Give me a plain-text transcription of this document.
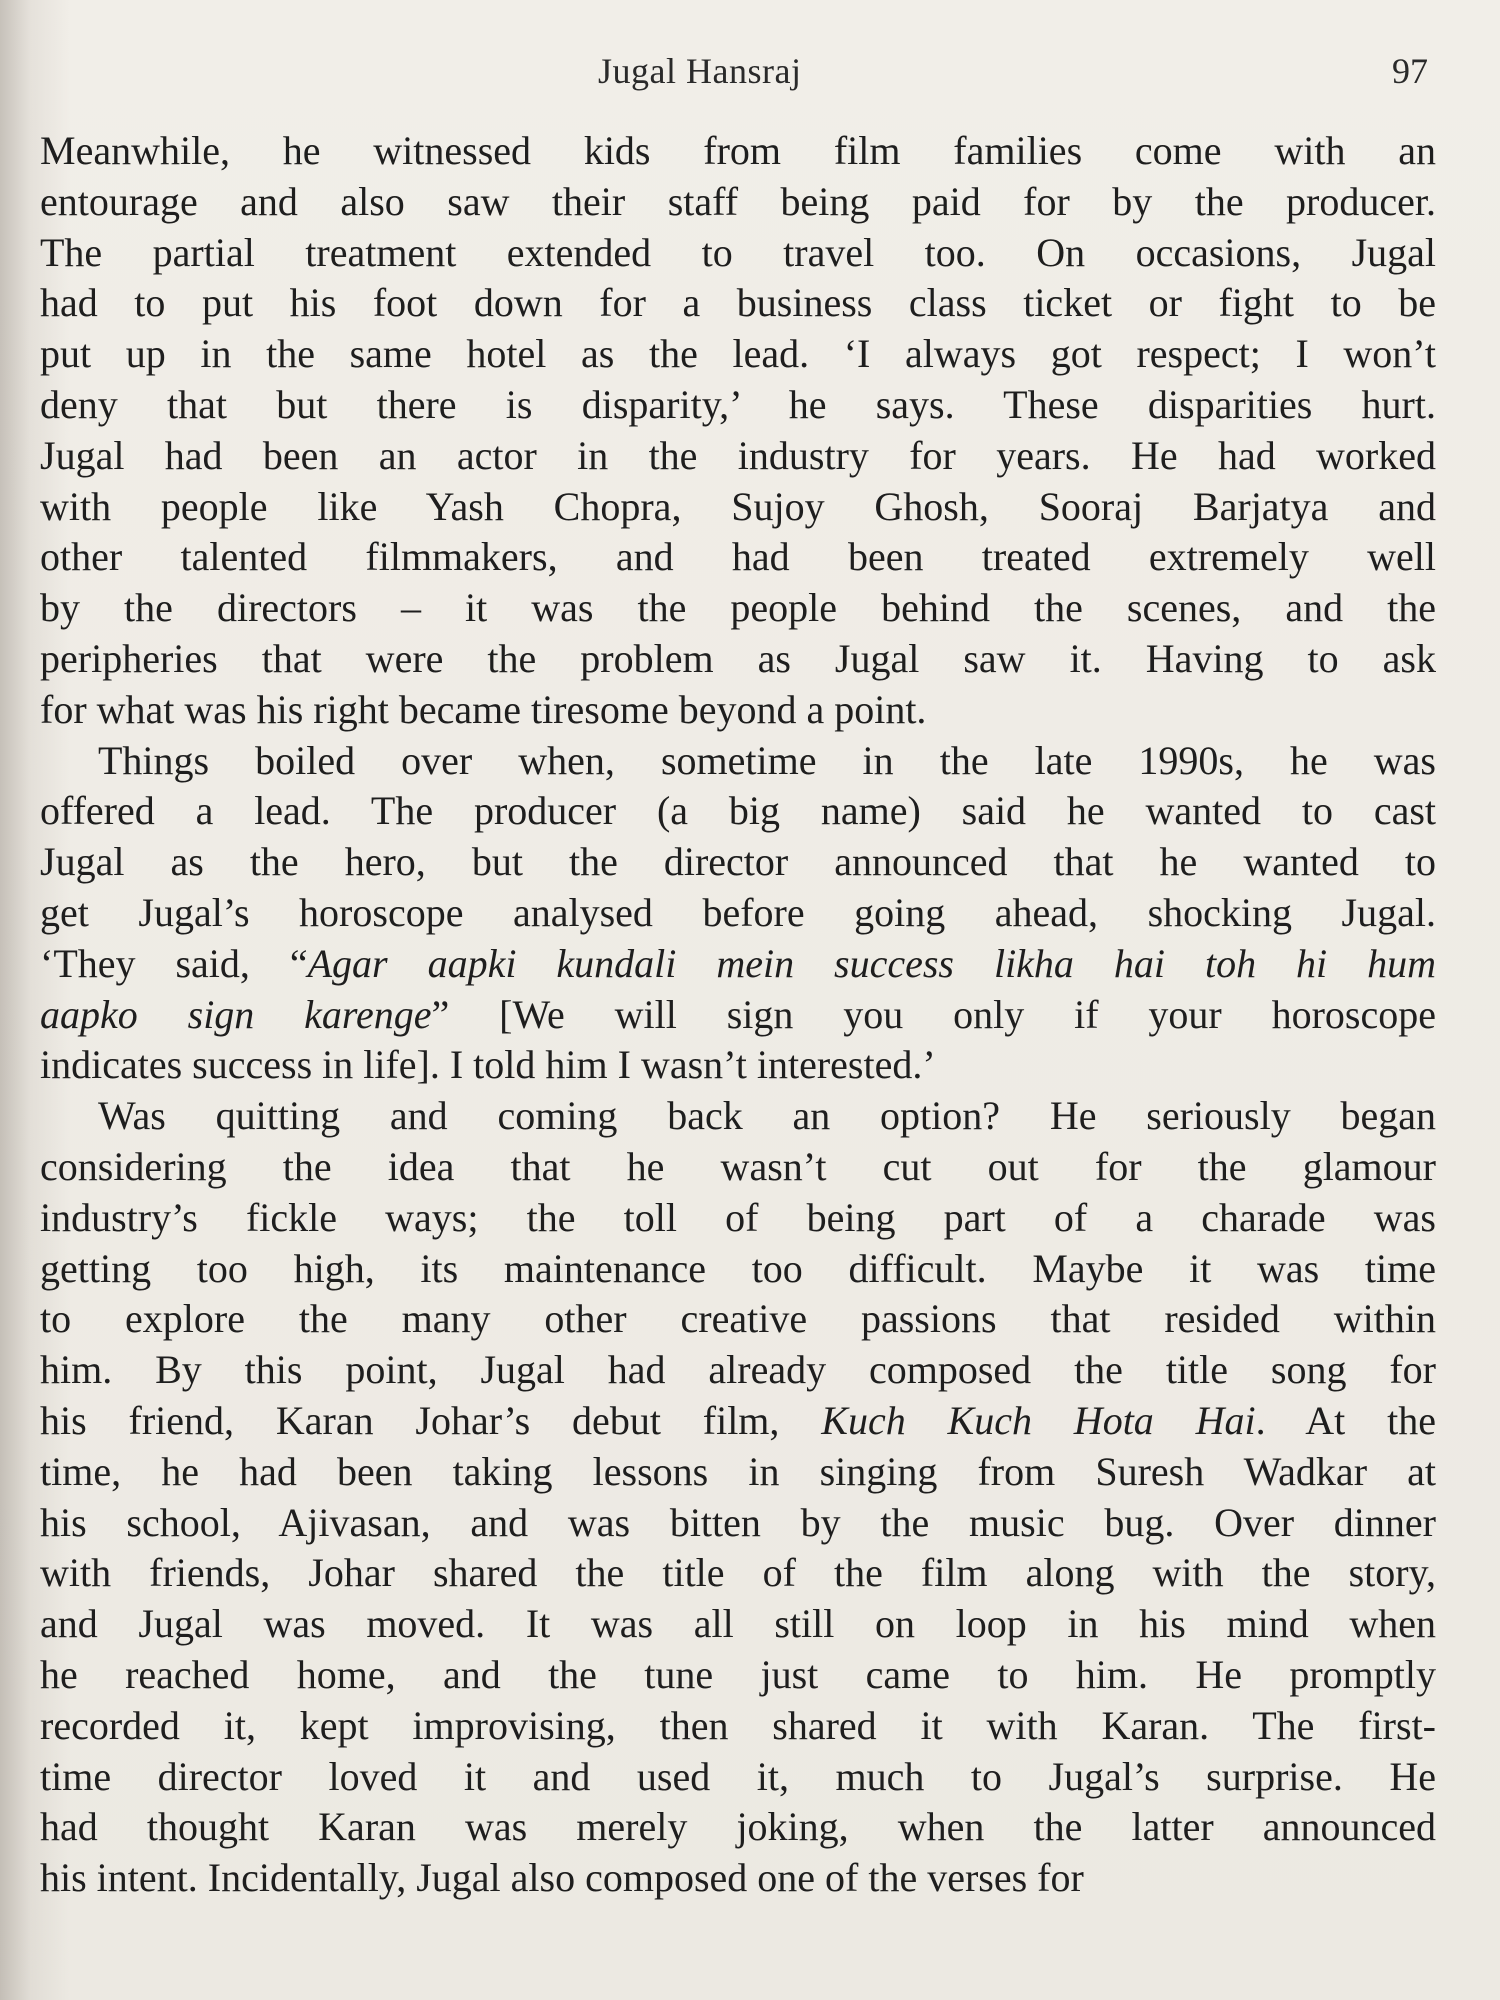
Jugal Hansraj	97
Meanwhile, he witnessed kids from film families come with an
entourage and also saw their staff being paid for by the producer.
The partial treatment extended to travel too. On occasions, Jugal
had to put his foot down for a business class ticket or fight to be
put up in the same hotel as the lead. ‘I always got respect; I won’t
deny that but there is disparity,’ he says. These disparities hurt.
Jugal had been an actor in the industry for years. He had worked
with people like Yash Chopra, Sujoy Ghosh, Sooraj Barjatya and
other talented filmmakers, and had been treated extremely well
by the directors – it was the people behind the scenes, and the
peripheries that were the problem as Jugal saw it. Having to ask
for what was his right became tiresome beyond a point.
Things boiled over when, sometime in the late 1990s, he was
offered a lead. The producer (a big name) said he wanted to cast
Jugal as the hero, but the director announced that he wanted to
get Jugal’s horoscope analysed before going ahead, shocking Jugal.
‘They said, “Agar aapki kundali mein success likha hai toh hi hum
aapko sign karenge” [We will sign you only if your horoscope
indicates success in life]. I told him I wasn’t interested.’
Was quitting and coming back an option? He seriously began
considering the idea that he wasn’t cut out for the glamour
industry’s fickle ways; the toll of being part of a charade was
getting too high, its maintenance too difficult. Maybe it was time
to explore the many other creative passions that resided within
him. By this point, Jugal had already composed the title song for
his friend, Karan Johar’s debut film, Kuch Kuch Hota Hai. At the
time, he had been taking lessons in singing from Suresh Wadkar at
his school, Ajivasan, and was bitten by the music bug. Over dinner
with friends, Johar shared the title of the film along with the story,
and Jugal was moved. It was all still on loop in his mind when
he reached home, and the tune just came to him. He promptly
recorded it, kept improvising, then shared it with Karan. The first-
time director loved it and used it, much to Jugal’s surprise. He
had thought Karan was merely joking, when the latter announced
his intent. Incidentally, Jugal also composed one of the verses for
